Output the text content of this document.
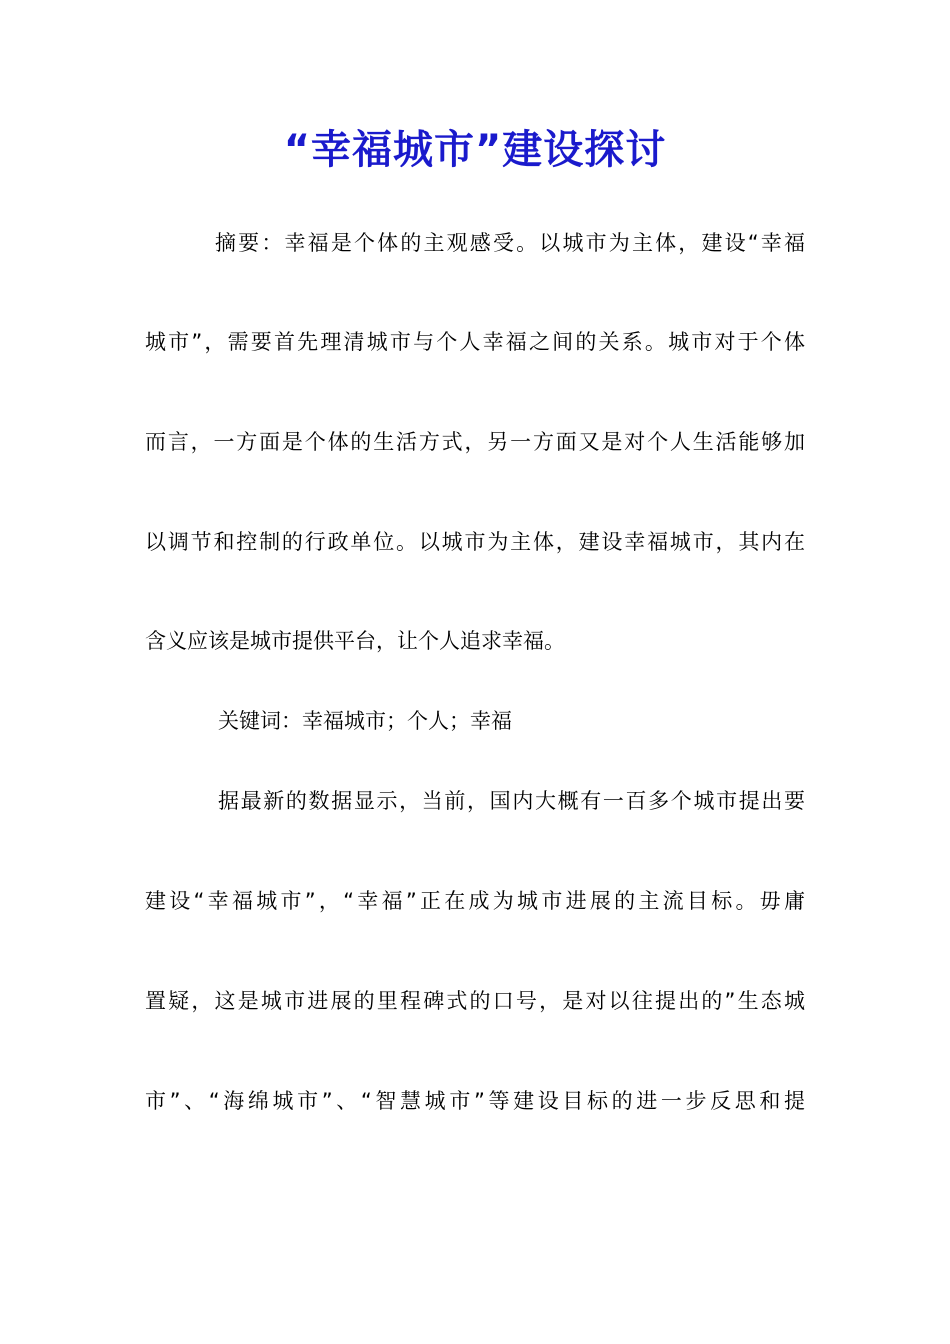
“幸福城市”建设探讨
摘要：幸福是个体的主观感受。以城市为主体，建设“幸福
城市”，需要首先理清城市与个人幸福之间的关系。城市对于个体
而言，一方面是个体的生活方式，另一方面又是对个人生活能够加
以调节和控制的行政单位。以城市为主体，建设幸福城市，其内在
含义应该是城市提供平台，让个人追求幸福。
关键词：幸福城市；个人；幸福
据最新的数据显示，当前，国内大概有一百多个城市提出要
建设“幸福城市”，“幸福”正在成为城市进展的主流目标。毋庸
置疑，这是城市进展的里程碑式的口号，是对以往提出的”生态城
市”、“海绵城市”、“智慧城市”等建设目标的进一步反思和提
